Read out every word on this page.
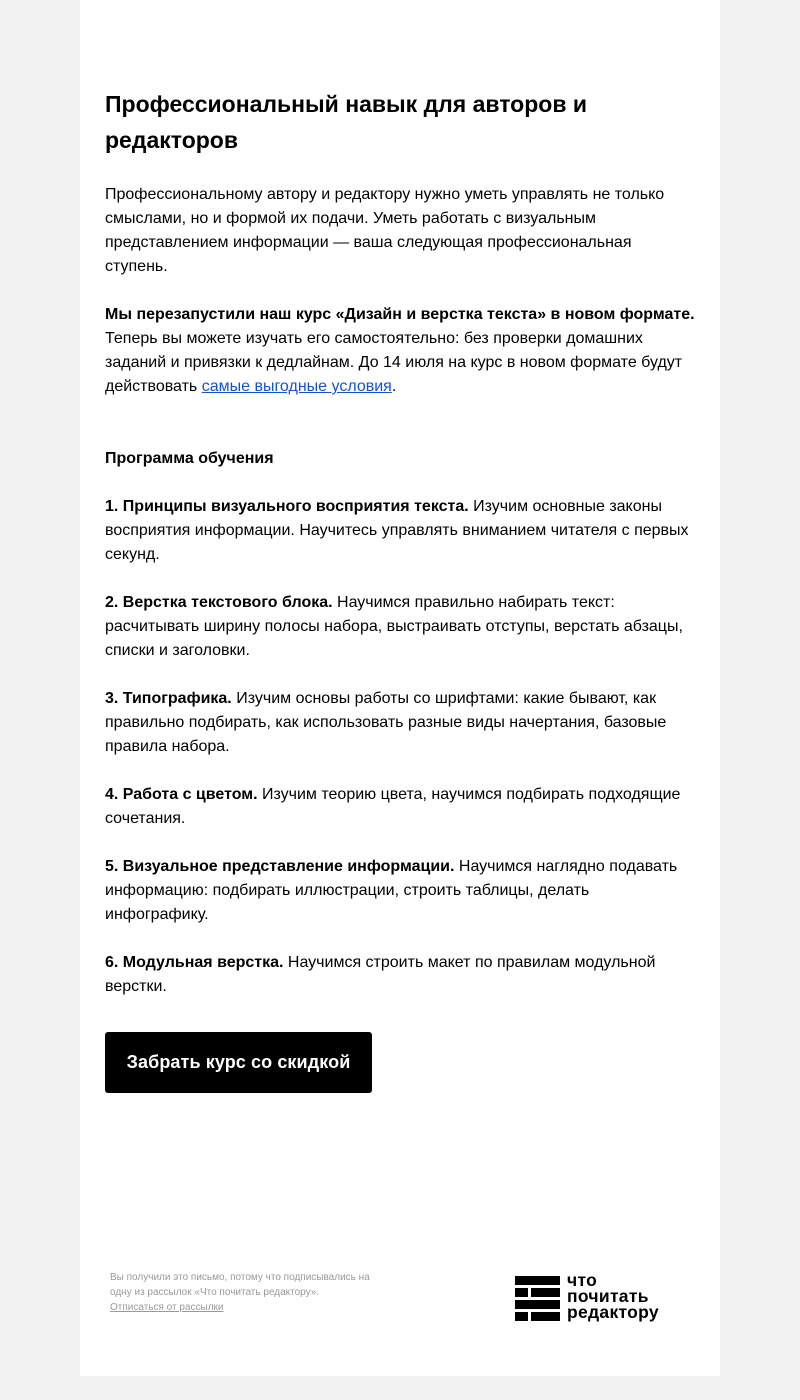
Профессиональный навык для авторов и редакторов

Профессиональному автору и редактору нужно уметь управлять не только смыслами, но и формой их подачи. Уметь работать с визуальным представлением информации — ваша следующая профессиональная ступень.

Мы перезапустили наш курс «Дизайн и верстка текста» в новом формате. Теперь вы можете изучать его самостоятельно: без проверки домашних заданий и привязки к дедлайнам. До 14 июля на курс в новом формате будут действовать самые выгодные условия.

Программа обучения

1. Принципы визуального восприятия текста. Изучим основные законы восприятия информации. Научитесь управлять вниманием читателя с первых секунд.

2. Верстка текстового блока. Научимся правильно набирать текст: расчитывать ширину полосы набора, выстраивать отступы, верстать абзацы, списки и заголовки.

3. Типографика. Изучим основы работы со шрифтами: какие бывают, как правильно подбирать, как использовать разные виды начертания, базовые правила набора.

4. Работа с цветом. Изучим теорию цвета, научимся подбирать подходящие сочетания.

5. Визуальное представление информации. Научимся наглядно подавать информацию: подбирать иллюстрации, строить таблицы, делать инфографику.

6. Модульная верстка. Научимся строить макет по правилам модульной верстки.

Забрать курс со скидкой
Вы получили это письмо, потому что подписывались на одну из рассылок «Что почитать редактору».
Отписаться от рассылки
что
почитать
редактору
